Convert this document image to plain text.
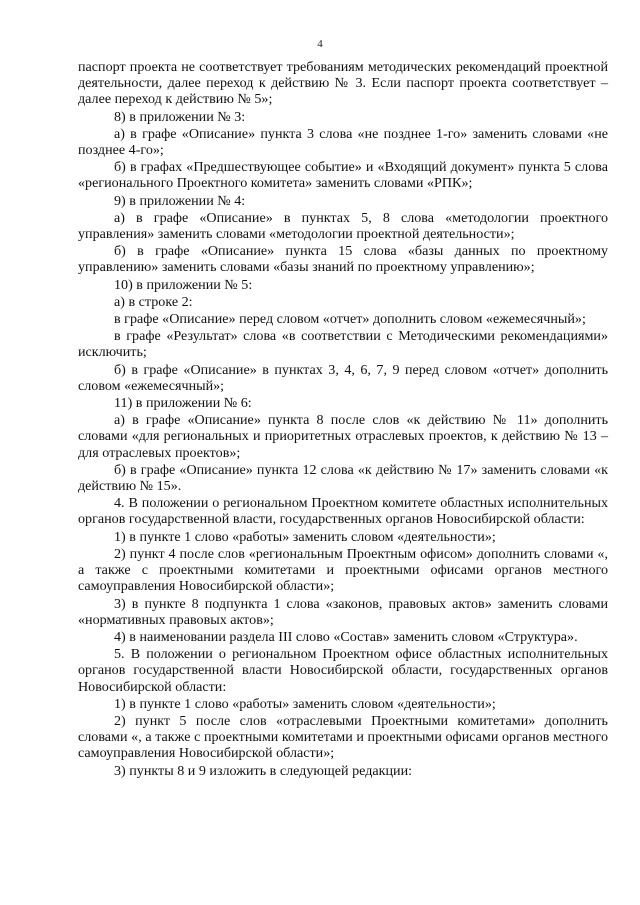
4

паспорт проекта не соответствует требованиям методических рекомендаций проектной деятельности, далее переход к действию № 3. Если паспорт проекта соответствует – далее переход к действию № 5»;

8) в приложении № 3:

а) в графе «Описание» пункта 3 слова «не позднее 1-го» заменить словами «не позднее 4-го»;

б) в графах «Предшествующее событие» и «Входящий документ» пункта 5 слова «регионального Проектного комитета» заменить словами «РПК»;

9) в приложении № 4:

а) в графе «Описание» в пунктах 5, 8 слова «методологии проектного управления» заменить словами «методологии проектной деятельности»;

б) в графе «Описание» пункта 15 слова «базы данных по проектному управлению» заменить словами «базы знаний по проектному управлению»;

10) в приложении № 5:

а) в строке 2:

в графе «Описание» перед словом «отчет» дополнить словом «ежемесячный»;

в графе «Результат» слова «в соответствии с Методическими рекомендациями» исключить;

б) в графе «Описание» в пунктах 3, 4, 6, 7, 9 перед словом «отчет» дополнить словом «ежемесячный»;

11) в приложении № 6:

а) в графе «Описание» пункта 8 после слов «к действию № 11» дополнить словами «для региональных и приоритетных отраслевых проектов, к действию № 13 – для отраслевых проектов»;

б) в графе «Описание» пункта 12 слова «к действию № 17» заменить словами «к действию № 15».

4. В положении о региональном Проектном комитете областных исполнительных органов государственной власти, государственных органов Новосибирской области:

1) в пункте 1 слово «работы» заменить словом «деятельности»;

2) пункт 4 после слов «региональным Проектным офисом» дополнить словами «, а также с проектными комитетами и проектными офисами органов местного самоуправления Новосибирской области»;

3) в пункте 8 подпункта 1 слова «законов, правовых актов» заменить словами «нормативных правовых актов»;

4) в наименовании раздела III слово «Состав» заменить словом «Структура».

5. В положении о региональном Проектном офисе областных исполнительных органов государственной власти Новосибирской области, государственных органов Новосибирской области:

1) в пункте 1 слово «работы» заменить словом «деятельности»;

2) пункт 5 после слов «отраслевыми Проектными комитетами» дополнить словами «, а также с проектными комитетами и проектными офисами органов местного самоуправления Новосибирской области»;

3) пункты 8 и 9 изложить в следующей редакции:
